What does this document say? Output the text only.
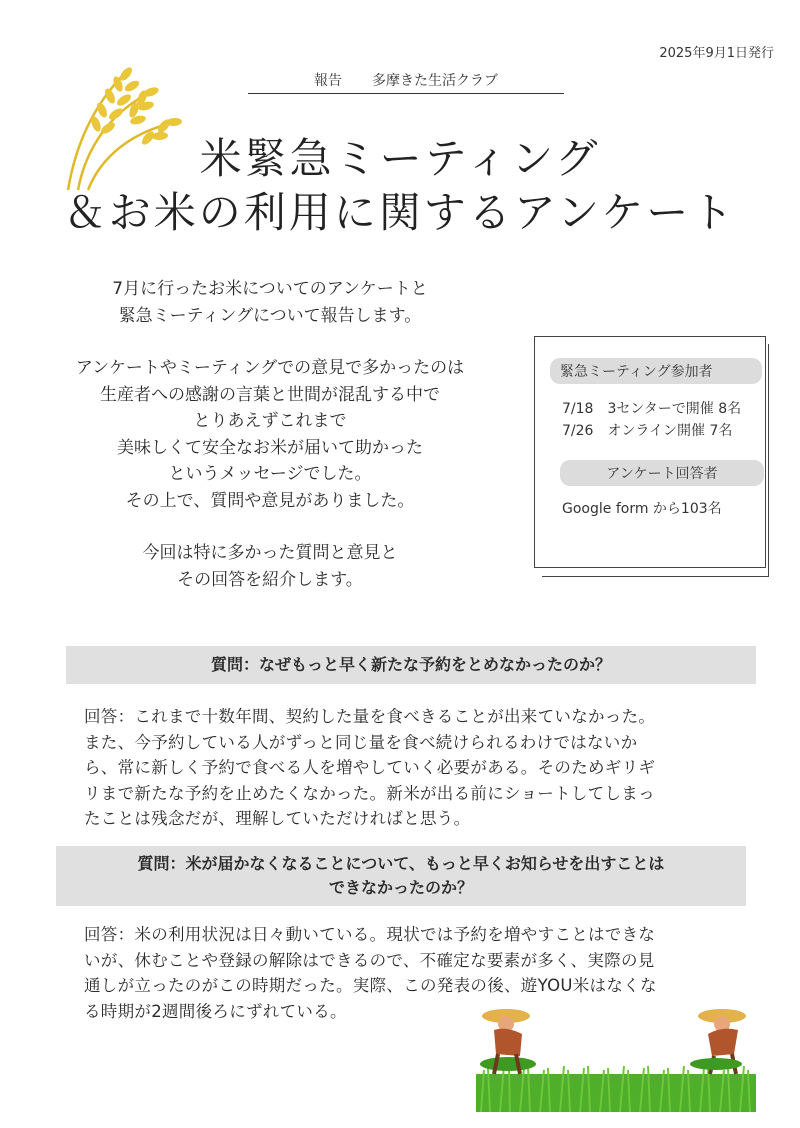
2025年9月1日発行
報告 多摩きた生活クラブ
米緊急ミーティング
＆お米の利用に関するアンケート

7月に行ったお米についてのアンケートと

緊急ミーティングについて報告します。

アンケートやミーティングでの意見で多かったのは

生産者への感謝の言葉と世間が混乱する中で

とりあえずこれまで

美味しくて安全なお米が届いて助かった

というメッセージでした。

その上で、質問や意見がありました。

今回は特に多かった質問と意見と

その回答を紹介します。

緊急ミーティング参加者
7/18　3センターで開催 8名
7/26　オンライン開催 7名
アンケート回答者
Google form から103名
質問：なぜもっと早く新たな予約をとめなかったのか？
回答：これまで十数年間、契約した量を食べきることが出来ていなかった。
また、今予約している人がずっと同じ量を食べ続けられるわけではないか
ら、常に新しく予約で食べる人を増やしていく必要がある。そのためギリギ
リまで新たな予約を止めたくなかった。新米が出る前にショートしてしまっ
たことは残念だが、理解していただければと思う。
質問：米が届かなくなることについて、もっと早くお知らせを出すことは
できなかったのか？
回答：米の利用状況は日々動いている。現状では予約を増やすことはできな
いが、休むことや登録の解除はできるので、不確定な要素が多く、実際の見
通しが立ったのがこの時期だった。実際、この発表の後、遊YOU米はなくな
る時期が2週間後ろにずれている。
